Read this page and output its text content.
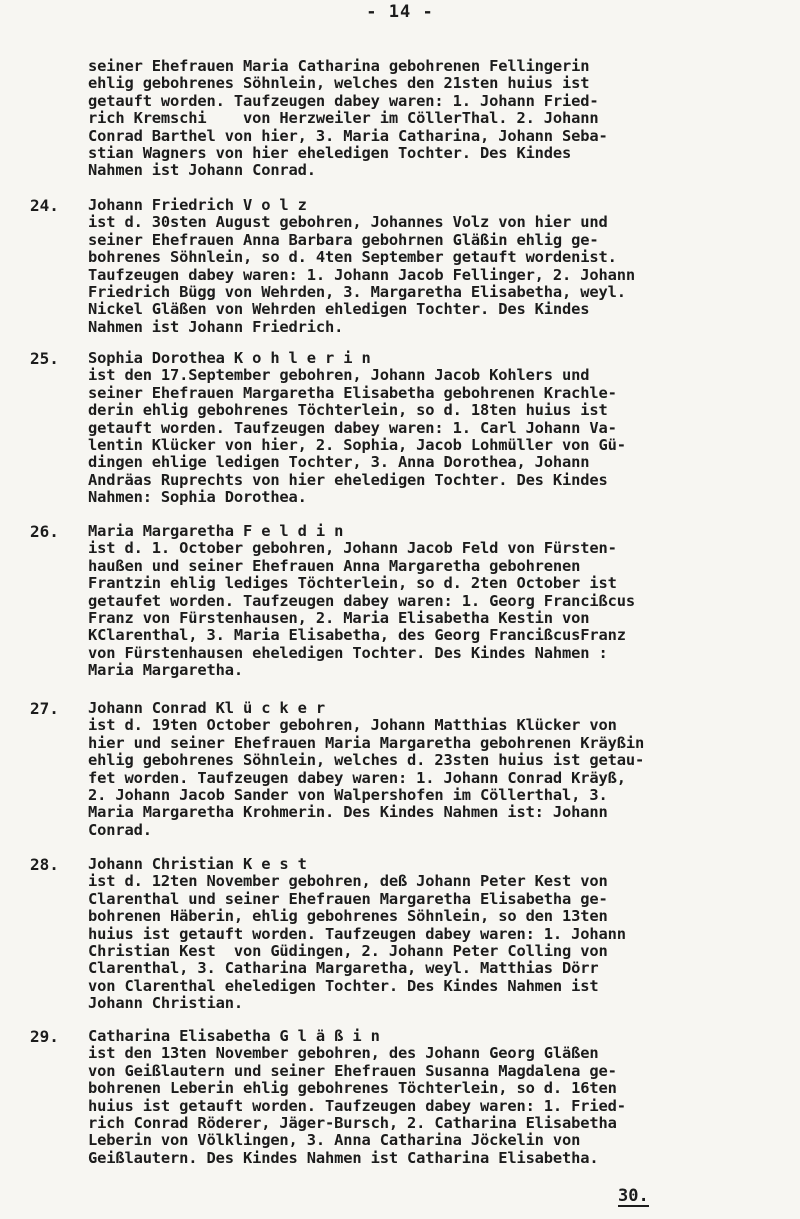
- 14 -
seiner Ehefrauen Maria Catharina gebohrenen Fellingerin
ehlig gebohrenes Söhnlein, welches den 21sten huius ist
getauft worden. Taufzeugen dabey waren: 1. Johann Fried-
rich Kremschi    von Herzweiler im CöllerThal. 2. Johann
Conrad Barthel von hier, 3. Maria Catharina, Johann Seba-
stian Wagners von hier eheledigen Tochter. Des Kindes
Nahmen ist Johann Conrad.
24. Johann Friedrich V o l z
ist d. 30sten August gebohren, Johannes Volz von hier und
seiner Ehefrauen Anna Barbara gebohrnen Gläßin ehlig ge-
bohrenes Söhnlein, so d. 4ten September getauft wordenist.
Taufzeugen dabey waren: 1. Johann Jacob Fellinger, 2. Johann
Friedrich Bügg von Wehrden, 3. Margaretha Elisabetha, weyl.
Nickel Gläßen von Wehrden ehledigen Tochter. Des Kindes
Nahmen ist Johann Friedrich.
25. Sophia Dorothea K o h l e r i n
ist den 17.September gebohren, Johann Jacob Kohlers und
seiner Ehefrauen Margaretha Elisabetha gebohrenen Krachle-
derin ehlig gebohrenes Töchterlein, so d. 18ten huius ist
getauft worden. Taufzeugen dabey waren: 1. Carl Johann Va-
lentin Klücker von hier, 2. Sophia, Jacob Lohmüller von Gü-
dingen ehlige ledigen Tochter, 3. Anna Dorothea, Johann
Andräas Ruprechts von hier eheledigen Tochter. Des Kindes
Nahmen: Sophia Dorothea.
26. Maria Margaretha F e l d i n
ist d. 1. October gebohren, Johann Jacob Feld von Fürsten-
haußen und seiner Ehefrauen Anna Margaretha gebohrenen
Frantzin ehlig lediges Töchterlein, so d. 2ten October ist
getaufet worden. Taufzeugen dabey waren: 1. Georg Francißcus
Franz von Fürstenhausen, 2. Maria Elisabetha Kestin von
KClarenthal, 3. Maria Elisabetha, des Georg FrancißcusFranz
von Fürstenhausen eheledigen Tochter. Des Kindes Nahmen :
Maria Margaretha.
27. Johann Conrad Kl ü c k e r
ist d. 19ten October gebohren, Johann Matthias Klücker von
hier und seiner Ehefrauen Maria Margaretha gebohrenen Kräyßin
ehlig gebohrenes Söhnlein, welches d. 23sten huius ist getau-
fet worden. Taufzeugen dabey waren: 1. Johann Conrad Kräyß,
2. Johann Jacob Sander von Walpershofen im Cöllerthal, 3.
Maria Margaretha Krohmerin. Des Kindes Nahmen ist: Johann
Conrad.
28. Johann Christian K e s t
ist d. 12ten November gebohren, deß Johann Peter Kest von
Clarenthal und seiner Ehefrauen Margaretha Elisabetha ge-
bohrenen Häberin, ehlig gebohrenes Söhnlein, so den 13ten
huius ist getauft worden. Taufzeugen dabey waren: 1. Johann
Christian Kest  von Güdingen, 2. Johann Peter Colling von
Clarenthal, 3. Catharina Margaretha, weyl. Matthias Dörr
von Clarenthal eheledigen Tochter. Des Kindes Nahmen ist
Johann Christian.
29. Catharina Elisabetha G l ä ß i n
ist den 13ten November gebohren, des Johann Georg Gläßen
von Geißlautern und seiner Ehefrauen Susanna Magdalena ge-
bohrenen Leberin ehlig gebohrenes Töchterlein, so d. 16ten
huius ist getauft worden. Taufzeugen dabey waren: 1. Fried-
rich Conrad Röderer, Jäger-Bursch, 2. Catharina Elisabetha
Leberin von Völklingen, 3. Anna Catharina Jöckelin von
Geißlautern. Des Kindes Nahmen ist Catharina Elisabetha.
30.
